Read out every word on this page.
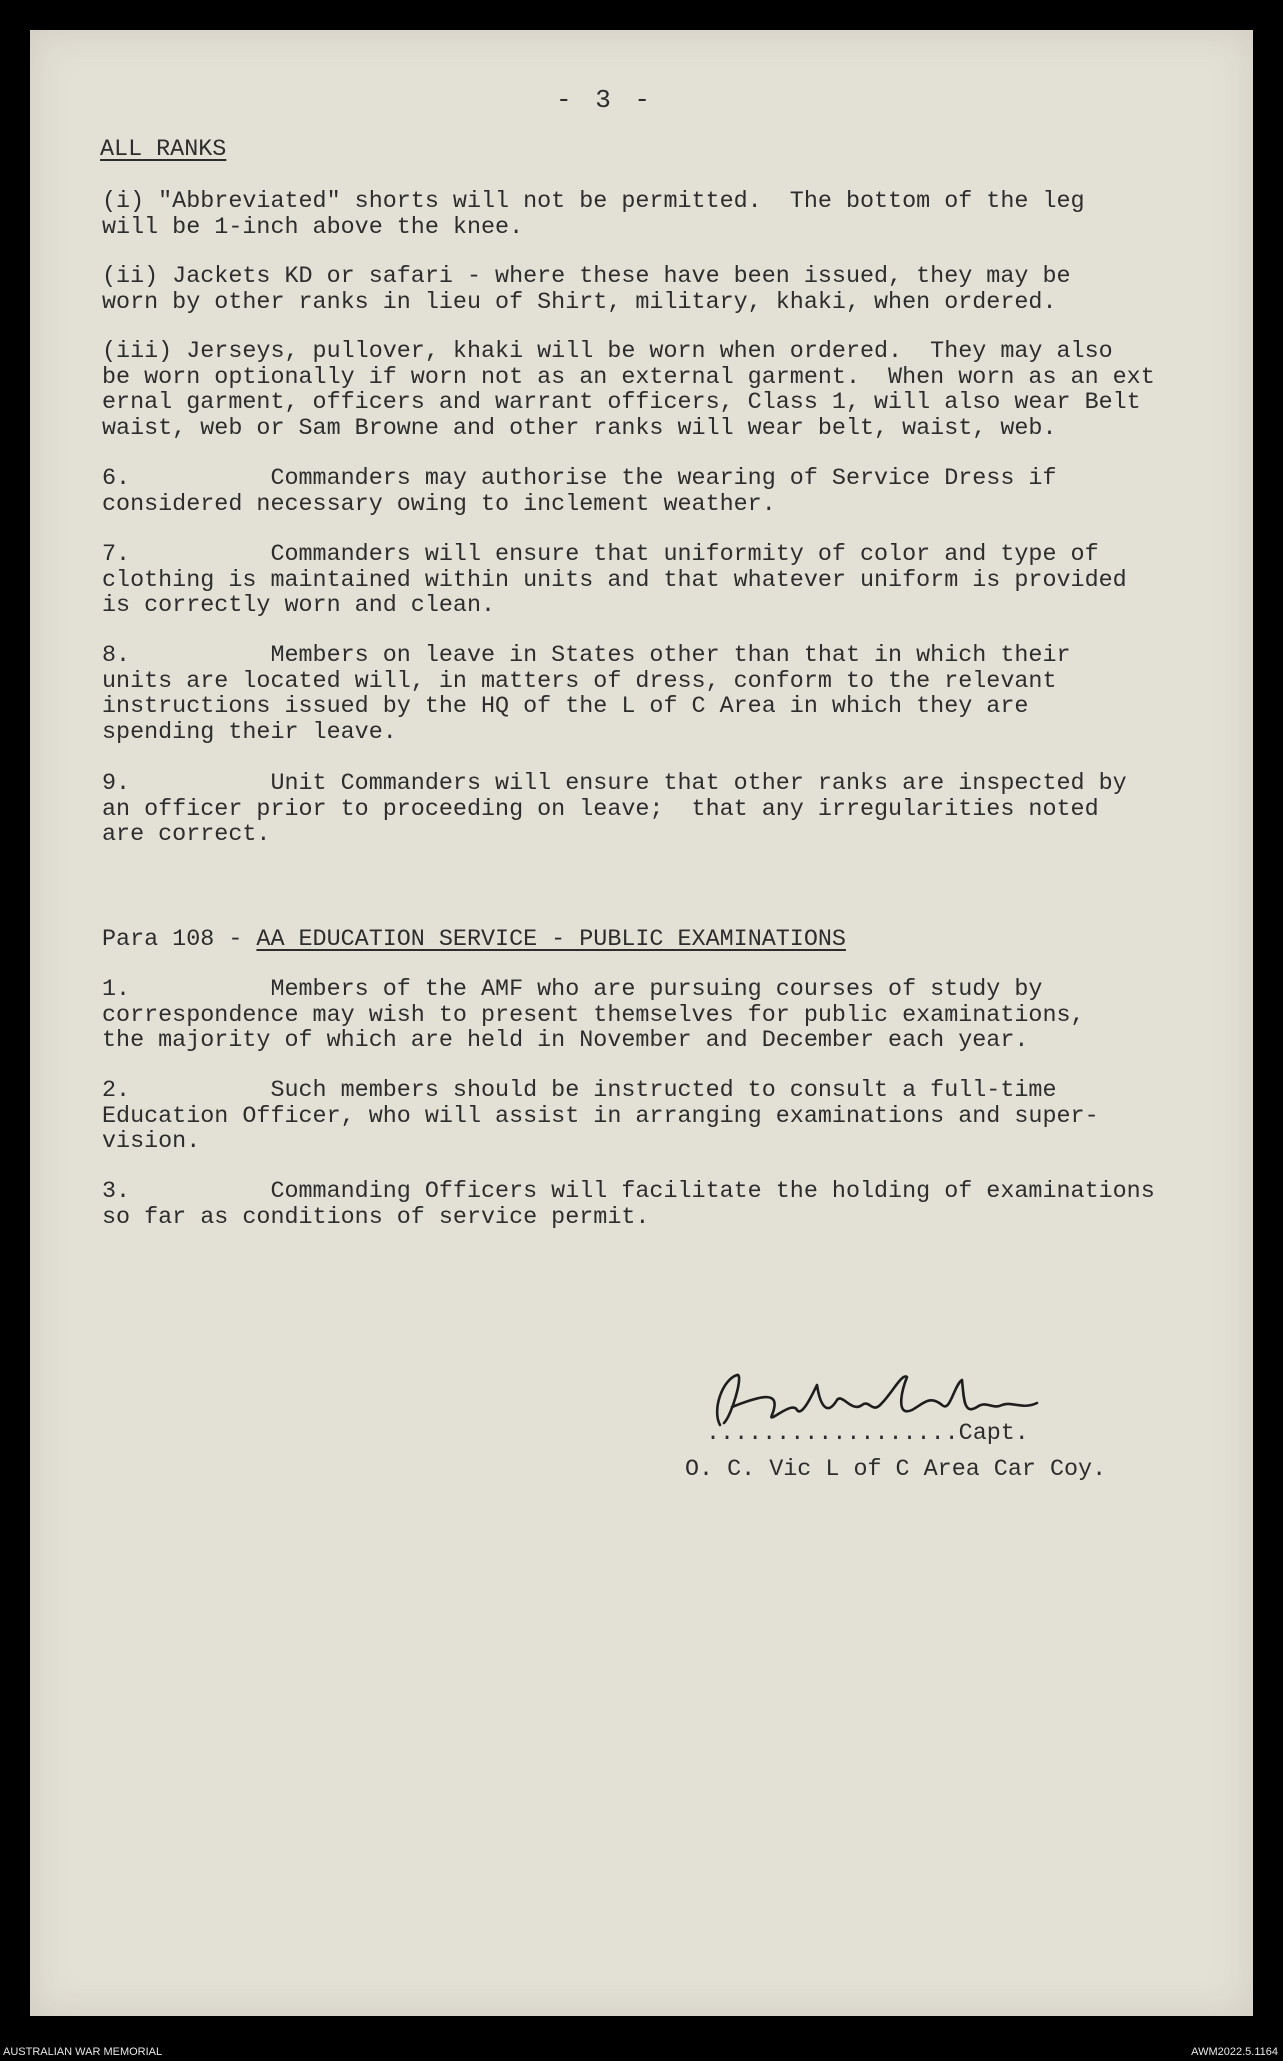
- 3 -
ALL RANKS
(i) "Abbreviated" shorts will not be permitted.  The bottom of the leg
will be 1-inch above the knee.
(ii) Jackets KD or safari - where these have been issued, they may be
worn by other ranks in lieu of Shirt, military, khaki, when ordered.
(iii) Jerseys, pullover, khaki will be worn when ordered.  They may also
be worn optionally if worn not as an external garment.  When worn as an ext
ernal garment, officers and warrant officers, Class 1, will also wear Belt
waist, web or Sam Browne and other ranks will wear belt, waist, web.
6.          Commanders may authorise the wearing of Service Dress if
considered necessary owing to inclement weather.
7.          Commanders will ensure that uniformity of color and type of
clothing is maintained within units and that whatever uniform is provided
is correctly worn and clean.
8.          Members on leave in States other than that in which their
units are located will, in matters of dress, conform to the relevant
instructions issued by the HQ of the L of C Area in which they are
spending their leave.
9.          Unit Commanders will ensure that other ranks are inspected by
an officer prior to proceeding on leave;  that any irregularities noted
are correct.
Para 108 - AA EDUCATION SERVICE - PUBLIC EXAMINATIONS
1.          Members of the AMF who are pursuing courses of study by
correspondence may wish to present themselves for public examinations,
the majority of which are held in November and December each year.
2.          Such members should be instructed to consult a full-time
Education Officer, who will assist in arranging examinations and super-
vision.
3.          Commanding Officers will facilitate the holding of examinations
so far as conditions of service permit.
..................Capt.
O. C. Vic L of C Area Car Coy.
AUSTRALIAN WAR MEMORIAL	AWM2022.5.1164
